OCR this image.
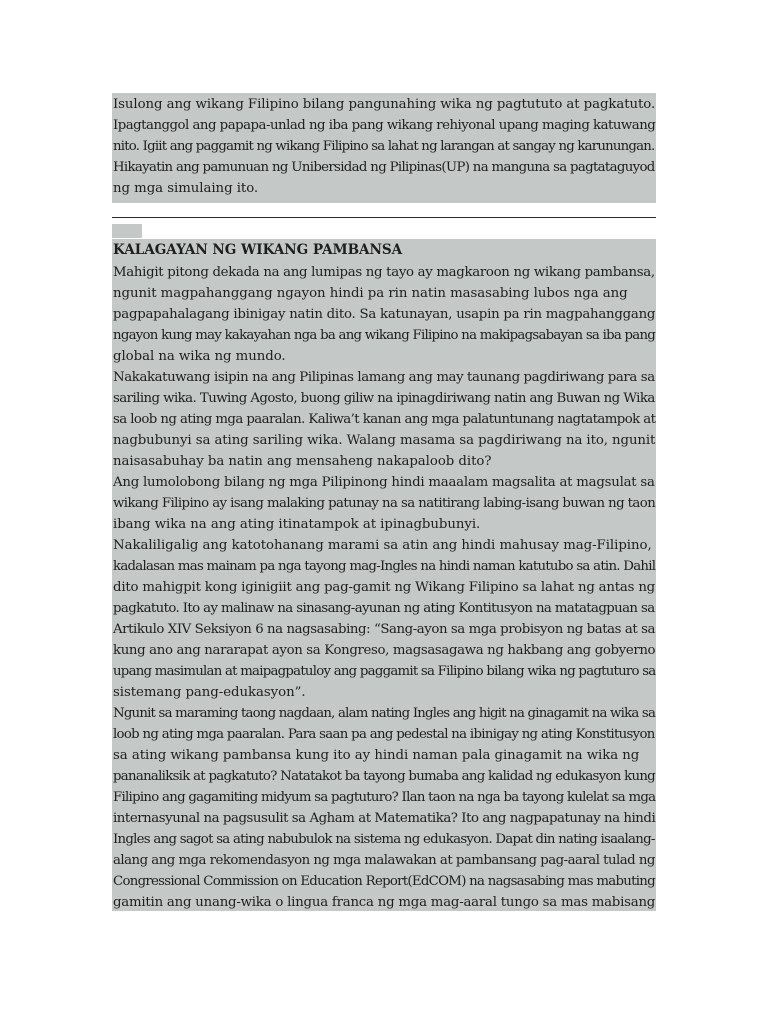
Isulong ang wikang Filipino bilang pangunahing wika ng pagtututo at pagkatuto.
Ipagtanggol ang papapa-unlad ng iba pang wikang rehiyonal upang maging katuwang
nito. Igiit ang paggamit ng wikang Filipino sa lahat ng larangan at sangay ng karunungan.
Hikayatin ang pamunuan ng Unibersidad ng Pilipinas(UP) na manguna sa pagtataguyod
ng mga simulaing ito.
KALAGAYAN NG WIKANG PAMBANSA
Mahigit pitong dekada na ang lumipas ng tayo ay magkaroon ng wikang pambansa,
ngunit magpahanggang ngayon hindi pa rin natin masasabing lubos nga ang
pagpapahalagang ibinigay natin dito. Sa katunayan, usapin pa rin magpahanggang
ngayon kung may kakayahan nga ba ang wikang Filipino na makipagsabayan sa iba pang
global na wika ng mundo.
Nakakatuwang isipin na ang Pilipinas lamang ang may taunang pagdiriwang para sa
sariling wika. Tuwing Agosto, buong giliw na ipinagdiriwang natin ang Buwan ng Wika
sa loob ng ating mga paaralan. Kaliwa’t kanan ang mga palatuntunang nagtatampok at
nagbubunyi sa ating sariling wika. Walang masama sa pagdiriwang na ito, ngunit
naisasabuhay ba natin ang mensaheng nakapaloob dito?
Ang lumolobong bilang ng mga Pilipinong hindi maaalam magsalita at magsulat sa
wikang Filipino ay isang malaking patunay na sa natitirang labing-isang buwan ng taon
ibang wika na ang ating itinatampok at ipinagbubunyi.
Nakaliligalig ang katotohanang marami sa atin ang hindi mahusay mag-Filipino,
kadalasan mas mainam pa nga tayong mag-Ingles na hindi naman katutubo sa atin. Dahil
dito mahigpit kong iginigiit ang pag-gamit ng Wikang Filipino sa lahat ng antas ng
pagkatuto. Ito ay malinaw na sinasang-ayunan ng ating Kontitusyon na matatagpuan sa
Artikulo XIV Seksiyon 6 na nagsasabing: “Sang-ayon sa mga probisyon ng batas at sa
kung ano ang nararapat ayon sa Kongreso, magsasagawa ng hakbang ang gobyerno
upang masimulan at maipagpatuloy ang paggamit sa Filipino bilang wika ng pagtuturo sa
sistemang pang-edukasyon”.
Ngunit sa maraming taong nagdaan, alam nating Ingles ang higit na ginagamit na wika sa
loob ng ating mga paaralan. Para saan pa ang pedestal na ibinigay ng ating Konstitusyon
sa ating wikang pambansa kung ito ay hindi naman pala ginagamit na wika ng
pananaliksik at pagkatuto? Natatakot ba tayong bumaba ang kalidad ng edukasyon kung
Filipino ang gagamiting midyum sa pagtuturo? Ilan taon na nga ba tayong kulelat sa mga
internasyunal na pagsusulit sa Agham at Matematika? Ito ang nagpapatunay na hindi
Ingles ang sagot sa ating nabubulok na sistema ng edukasyon. Dapat din nating isaalang-
alang ang mga rekomendasyon ng mga malawakan at pambansang pag-aaral tulad ng
Congressional Commission on Education Report(EdCOM) na nagsasabing mas mabuting
gamitin ang unang-wika o lingua franca ng mga mag-aaral tungo sa mas mabisang
